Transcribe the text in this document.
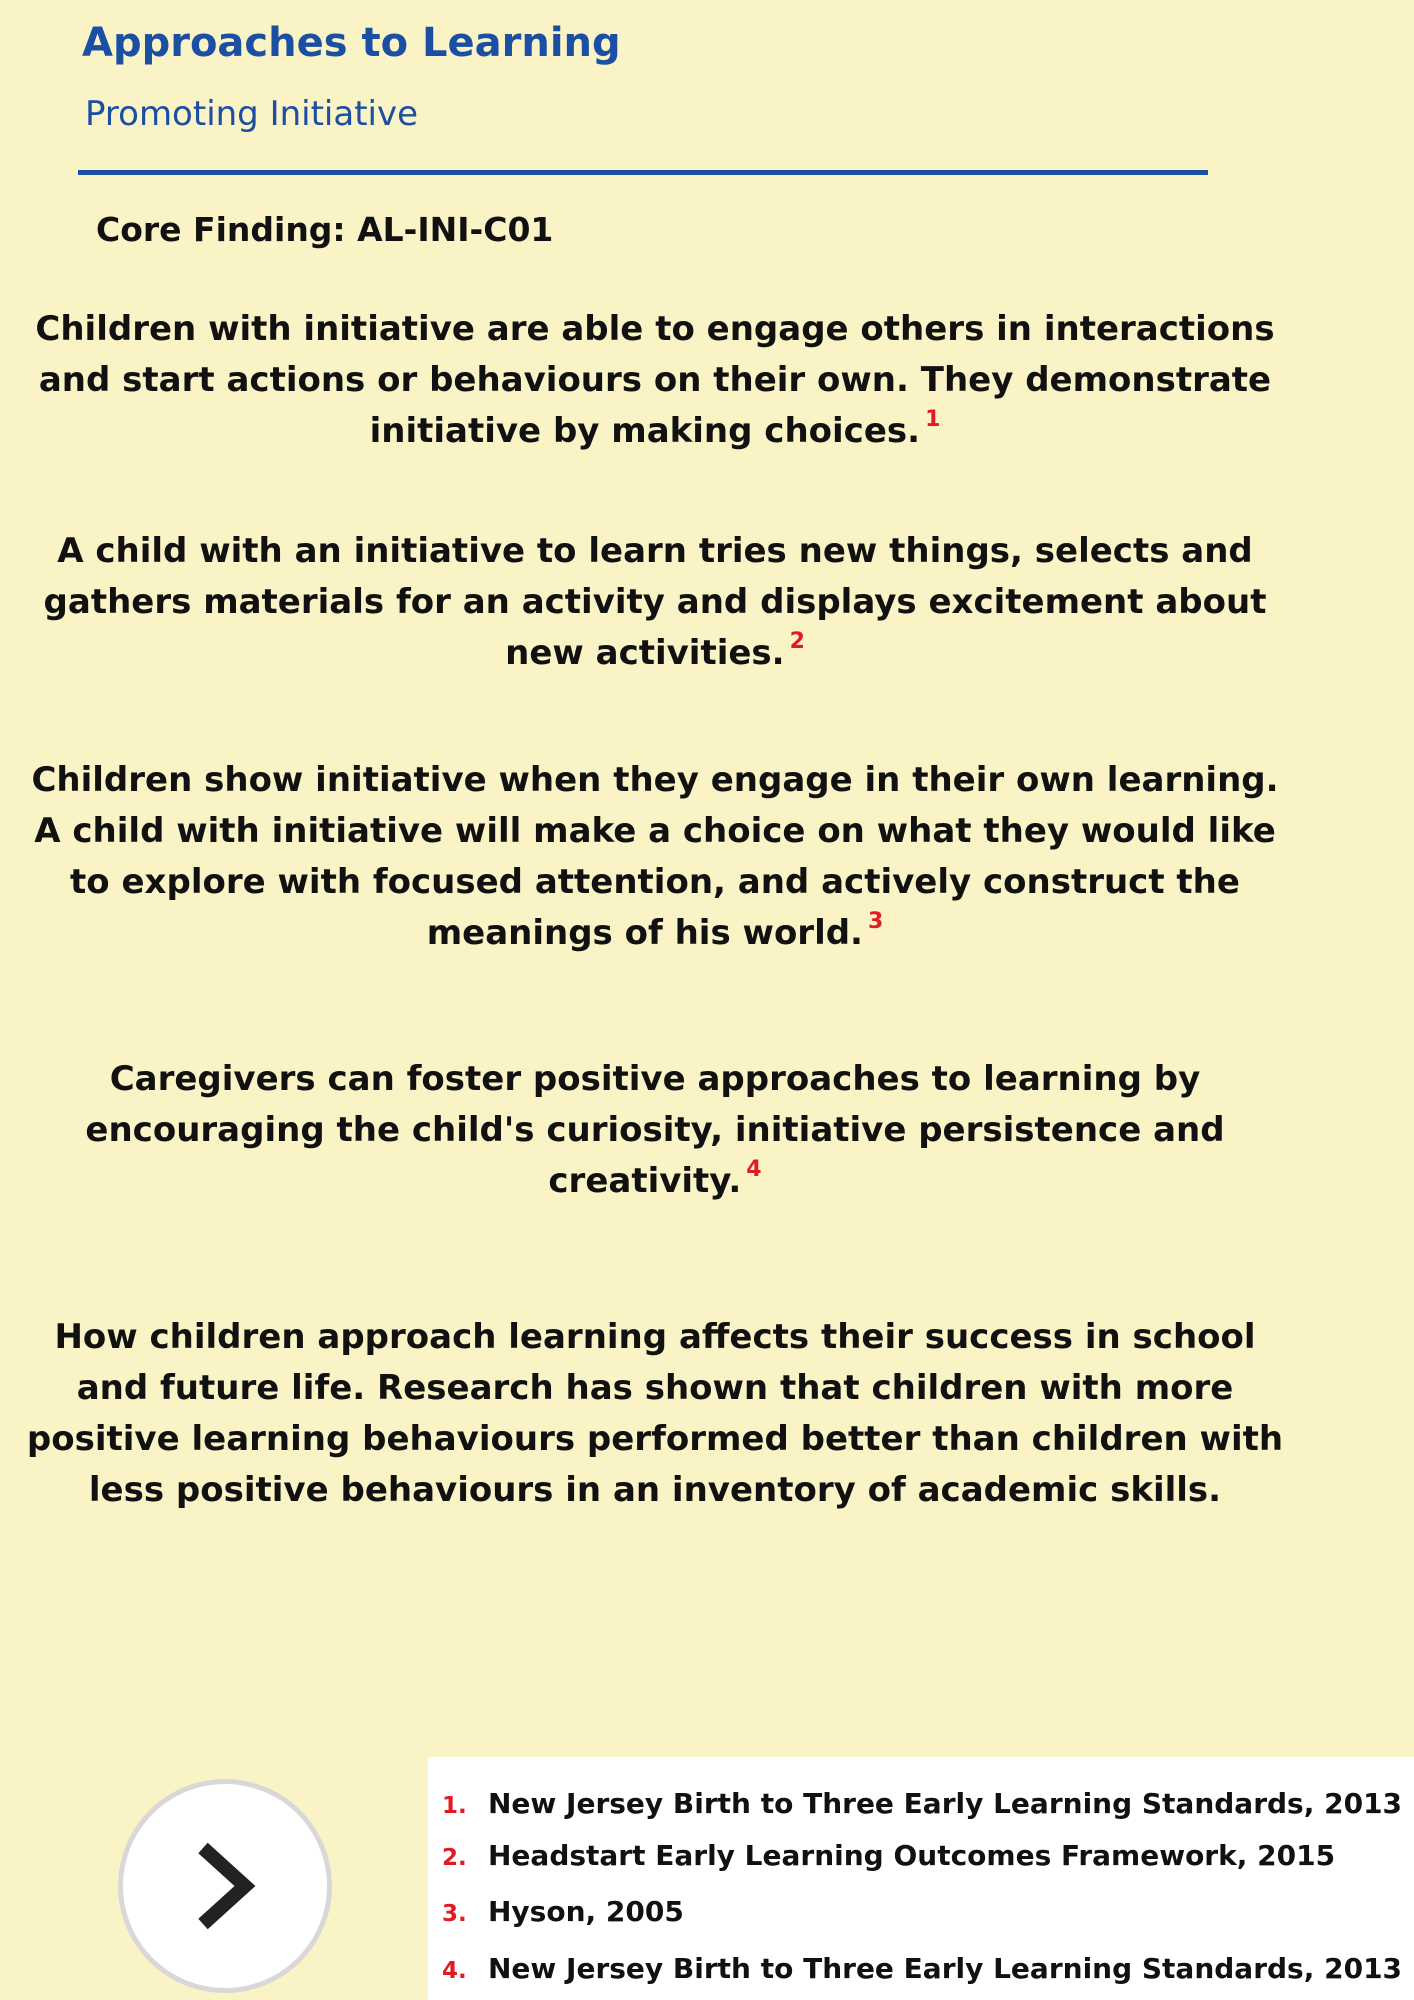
Approaches to Learning
Promoting Initiative
Core Finding: AL-INI-C01

Children with initiative are able to engage others in interactions and start actions or behaviours on their own. They demonstrate initiative by making choices. $^1$

A child with an initiative to learn tries new things, selects and gathers materials for an activity and displays excitement about new activities. $^2$

Children show initiative when they engage in their own learning. A child with initiative will make a choice on what they would like to explore with focused attention, and actively construct the meanings of his world. $^3$

Caregivers can foster positive approaches to learning by encouraging the child's curiosity, initiative persistence and creativity. $^4$

How children approach learning affects their success in school and future life. Research has shown that children with more positive learning behaviours performed better than children with less positive behaviours in an inventory of academic skills.

1. New Jersey Birth to Three Early Learning Standards, 2013
2. Headstart Early Learning Outcomes Framework, 2015
3. Hyson, 2005
4. New Jersey Birth to Three Early Learning Standards, 2013
